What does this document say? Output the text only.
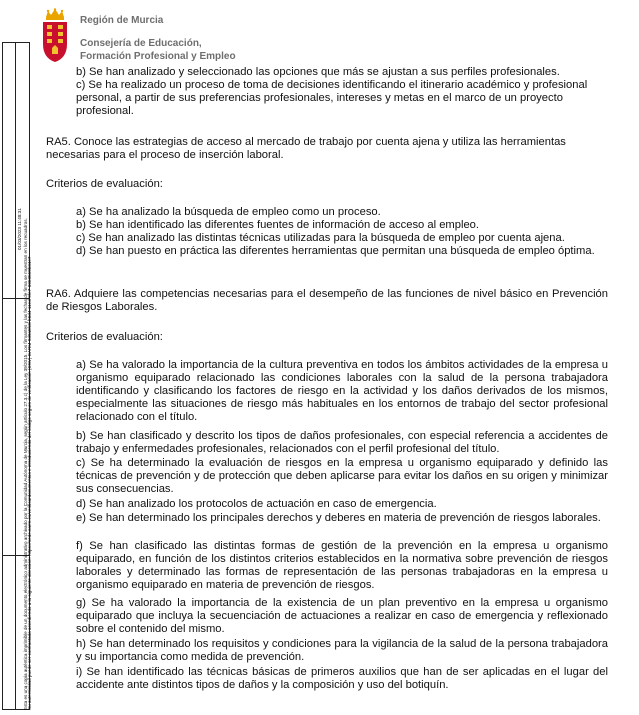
01/03/2023 11:48:31 Esta es una copia auténtica imprimible de un documento electrónico administrativo archivado por la Comunidad Autónoma de Murcia, según artículo 27.3.c) de la Ley 39/2015. Los firmantes y las fechas de firma se muestran en los recuadros. Su autenticidad puede ser contrastada accediendo a la siguiente dirección: https://sede.carm.es/verificardocumentos e introduciendo del código seguro de verificación (CSV) CARM-9d9a5fc8-b6d4-11ed-9fe7-0050569b34e7
Región de Murcia
Consejería de Educación,
Formación Profesional y Empleo

b) Se han analizado y seleccionado las opciones que más se ajustan a sus perfiles profesionales.

c) Se ha realizado un proceso de toma de decisiones identificando el itinerario académico y profesional personal, a partir de sus preferencias profesionales, intereses y metas en el marco de un proyecto profesional.

RA5. Conoce las estrategias de acceso al mercado de trabajo por cuenta ajena y utiliza las herramientas necesarias para el proceso de inserción laboral.

Criterios de evaluación:

a) Se ha analizado la búsqueda de empleo como un proceso.

b) Se han identificado las diferentes fuentes de información de acceso al empleo.

c) Se han analizado las distintas técnicas utilizadas para la búsqueda de empleo por cuenta ajena.

d) Se han puesto en práctica las diferentes herramientas que permitan una búsqueda de empleo óptima.

RA6. Adquiere las competencias necesarias para el desempeño de las funciones de nivel básico en Prevención de Riesgos Laborales.

Criterios de evaluación:

a) Se ha valorado la importancia de la cultura preventiva en todos los ámbitos actividades de la empresa u organismo equiparado relacionado las condiciones laborales con la salud de la persona trabajadora identificando y clasificando los factores de riesgo en la actividad y los daños derivados de los mismos, especialmente las situaciones de riesgo más habituales en los entornos de trabajo del sector profesional relacionado con el título.

b) Se han clasificado y descrito los tipos de daños profesionales, con especial referencia a accidentes de trabajo y enfermedades profesionales, relacionados con el perfil profesional del título.

c) Se ha determinado la evaluación de riesgos en la empresa u organismo equiparado y definido las técnicas de prevención y de protección que deben aplicarse para evitar los daños en su origen y minimizar sus consecuencias.

d) Se han analizado los protocolos de actuación en caso de emergencia.

e) Se han determinado los principales derechos y deberes en materia de prevención de riesgos laborales.

f) Se han clasificado las distintas formas de gestión de la prevención en la empresa u organismo equiparado, en función de los distintos criterios establecidos en la normativa sobre prevención de riesgos laborales y determinado las formas de representación de las personas trabajadoras en la empresa u organismo equiparado en materia de prevención de riesgos.

g) Se ha valorado la importancia de la existencia de un plan preventivo en la empresa u organismo equiparado que incluya la secuenciación de actuaciones a realizar en caso de emergencia y reflexionado sobre el contenido del mismo.

h) Se han determinado los requisitos y condiciones para la vigilancia de la salud de la persona trabajadora y su importancia como medida de prevención.

i) Se han identificado las técnicas básicas de primeros auxilios que han de ser aplicadas en el lugar del accidente ante distintos tipos de daños y la composición y uso del botiquín.
